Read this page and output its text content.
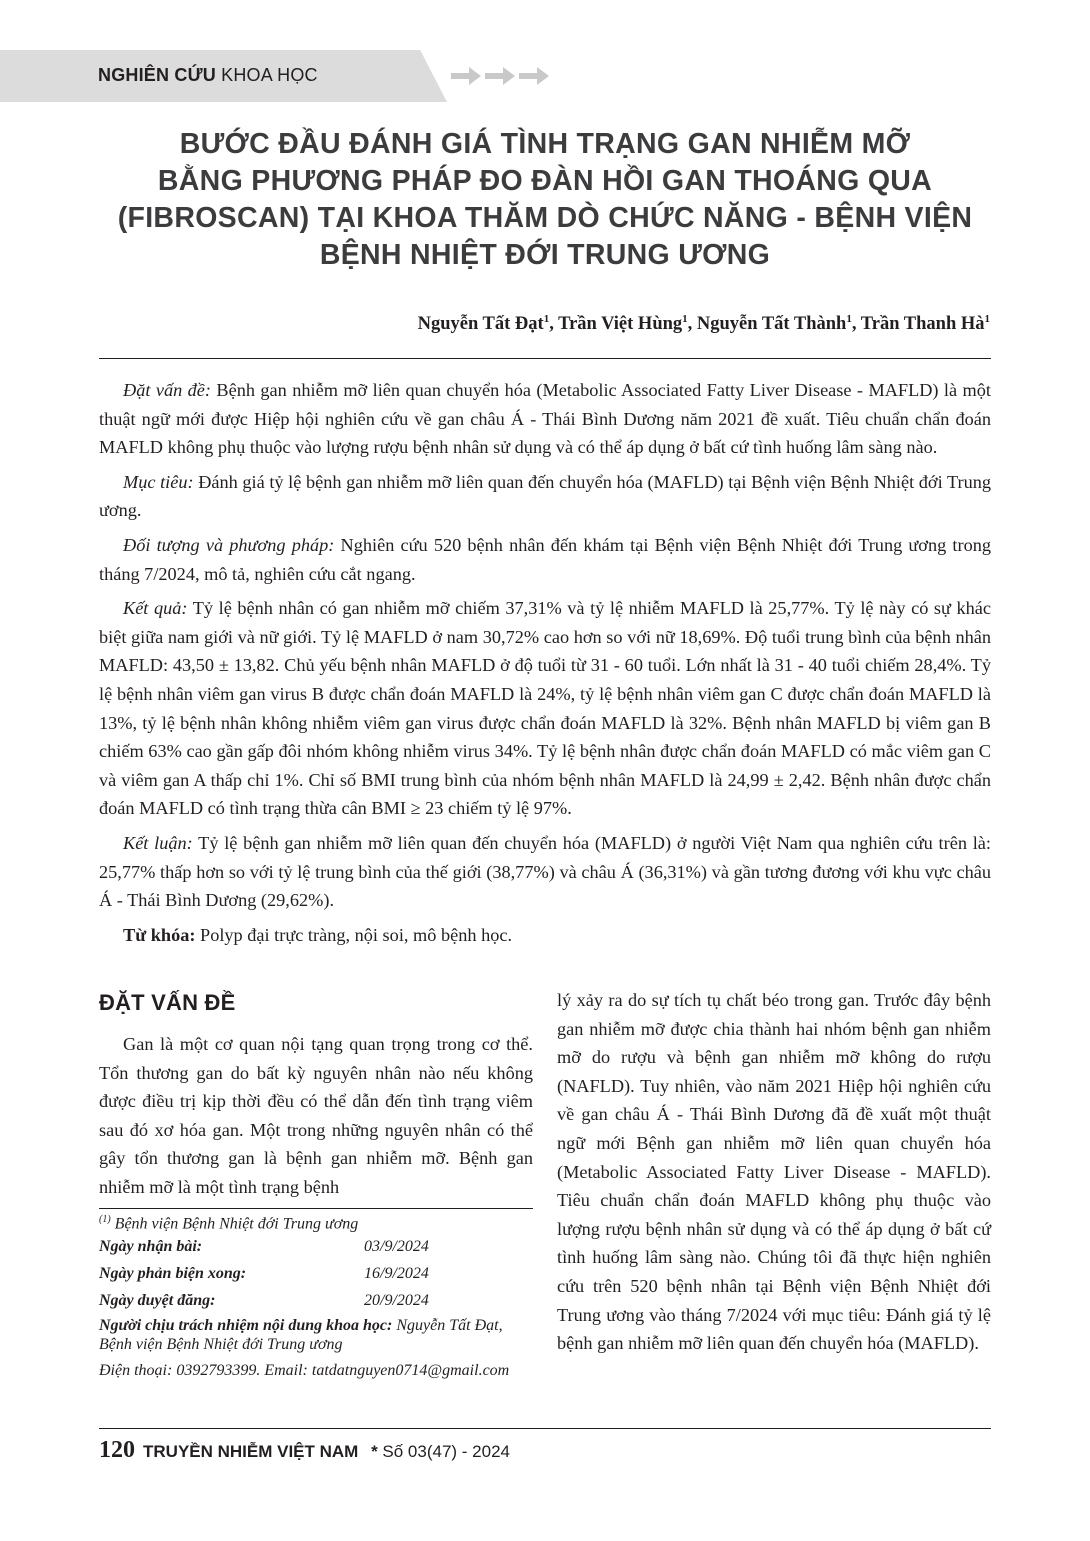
NGHIÊN CỨU KHOA HỌC
BƯỚC ĐẦU ĐÁNH GIÁ TÌNH TRẠNG GAN NHIỄM MỠ
BẰNG PHƯƠNG PHÁP ĐO ĐÀN HỒI GAN THOÁNG QUA
(FIBROSCAN) TẠI KHOA THĂM DÒ CHỨC NĂNG - BỆNH VIỆN
BỆNH NHIỆT ĐỚI TRUNG ƯƠNG
Nguyễn Tất Đạt$^1$, Trần Việt Hùng$^1$, Nguyễn Tất Thành$^1$, Trần Thanh $Hà^1$

Đặt vấn đề: Bệnh gan nhiễm mỡ liên quan chuyển hóa (Metabolic Associated Fatty Liver Disease - MAFLD) là một thuật ngữ mới được Hiệp hội nghiên cứu về gan châu Á - Thái Bình Dương năm 2021 đề xuất. Tiêu chuẩn chẩn đoán MAFLD không phụ thuộc vào lượng rượu bệnh nhân sử dụng và có thể áp dụng ở bất cứ tình huống lâm sàng nào.

Mục tiêu: Đánh giá tỷ lệ bệnh gan nhiễm mỡ liên quan đến chuyển hóa (MAFLD) tại Bệnh viện Bệnh Nhiệt đới Trung ương.

Đối tượng và phương pháp: Nghiên cứu 520 bệnh nhân đến khám tại Bệnh viện Bệnh Nhiệt đới Trung ương trong tháng 7/2024, mô tả, nghiên cứu cắt ngang.

Kết quả: Tỷ lệ bệnh nhân có gan nhiễm mỡ chiếm 37,31% và tỷ lệ nhiễm MAFLD là 25,77%. Tỷ lệ này có sự khác biệt giữa nam giới và nữ giới. Tỷ lệ MAFLD ở nam 30,72% cao hơn so với nữ 18,69%. Độ tuổi trung bình của bệnh nhân MAFLD: 43,50 ± 13,82. Chủ yếu bệnh nhân MAFLD ở độ tuổi từ 31 - 60 tuổi. Lớn nhất là 31 - 40 tuổi chiếm 28,4%. Tỷ lệ bệnh nhân viêm gan virus B được chẩn đoán MAFLD là 24%, tỷ lệ bệnh nhân viêm gan C được chẩn đoán MAFLD là 13%, tỷ lệ bệnh nhân không nhiễm viêm gan virus được chẩn đoán MAFLD là 32%. Bệnh nhân MAFLD bị viêm gan B chiếm 63% cao gần gấp đôi nhóm không nhiễm virus 34%. Tỷ lệ bệnh nhân được chẩn đoán MAFLD có mắc viêm gan C và viêm gan A thấp chỉ 1%. Chỉ số BMI trung bình của nhóm bệnh nhân MAFLD là 24,99 ± 2,42. Bệnh nhân được chẩn đoán MAFLD có tình trạng thừa cân BMI ≥ 23 chiếm tỷ lệ 97%.

Kết luận: Tỷ lệ bệnh gan nhiễm mỡ liên quan đến chuyển hóa (MAFLD) ở người Việt Nam qua nghiên cứu trên là: 25,77% thấp hơn so với tỷ lệ trung bình của thế giới (38,77%) và châu Á (36,31%) và gần tương đương với khu vực châu Á - Thái Bình Dương (29,62%).

Từ khóa: Polyp đại trực tràng, nội soi, mô bệnh học.

ĐẶT VẤN ĐỀ

Gan là một cơ quan nội tạng quan trọng trong cơ thể. Tổn thương gan do bất kỳ nguyên nhân nào nếu không được điều trị kịp thời đều có thể dẫn đến tình trạng viêm sau đó xơ hóa gan. Một trong những nguyên nhân có thể gây tổn thương gan là bệnh gan nhiễm mỡ. Bệnh gan nhiễm mỡ là một tình trạng bệnh

lý xảy ra do sự tích tụ chất béo trong gan. Trước đây bệnh gan nhiễm mỡ được chia thành hai nhóm bệnh gan nhiễm mỡ do rượu và bệnh gan nhiễm mỡ không do rượu (NAFLD). Tuy nhiên, vào năm 2021 Hiệp hội nghiên cứu về gan châu Á - Thái Bình Dương đã đề xuất một thuật ngữ mới Bệnh gan nhiễm mỡ liên quan chuyển hóa (Metabolic Associated Fatty Liver Disease - MAFLD). Tiêu chuẩn chẩn đoán MAFLD không phụ thuộc vào lượng rượu bệnh nhân sử dụng và có thể áp dụng ở bất cứ tình huống lâm sàng nào. Chúng tôi đã thực hiện nghiên cứu trên 520 bệnh nhân tại Bệnh viện Bệnh Nhiệt đới Trung ương vào tháng 7/2024 với mục tiêu: Đánh giá tỷ lệ bệnh gan nhiễm mỡ liên quan đến chuyển hóa (MAFLD).

$^{(1)}$ Bệnh viện Bệnh Nhiệt đới Trung ương
Ngày nhận bài:	03/9/2024
Ngày phản biện xong:	16/9/2024
Ngày duyệt đăng:	20/9/2024
Người chịu trách nhiệm nội dung khoa học: Nguyễn Tất Đạt, Bệnh viện Bệnh Nhiệt đới Trung ương
Điện thoại: 0392793399. Email: tatdatnguyen0714@gmail.com
120 TRUYỀN NHIỄM VIỆT NAM * Số 03(47) - 2024
